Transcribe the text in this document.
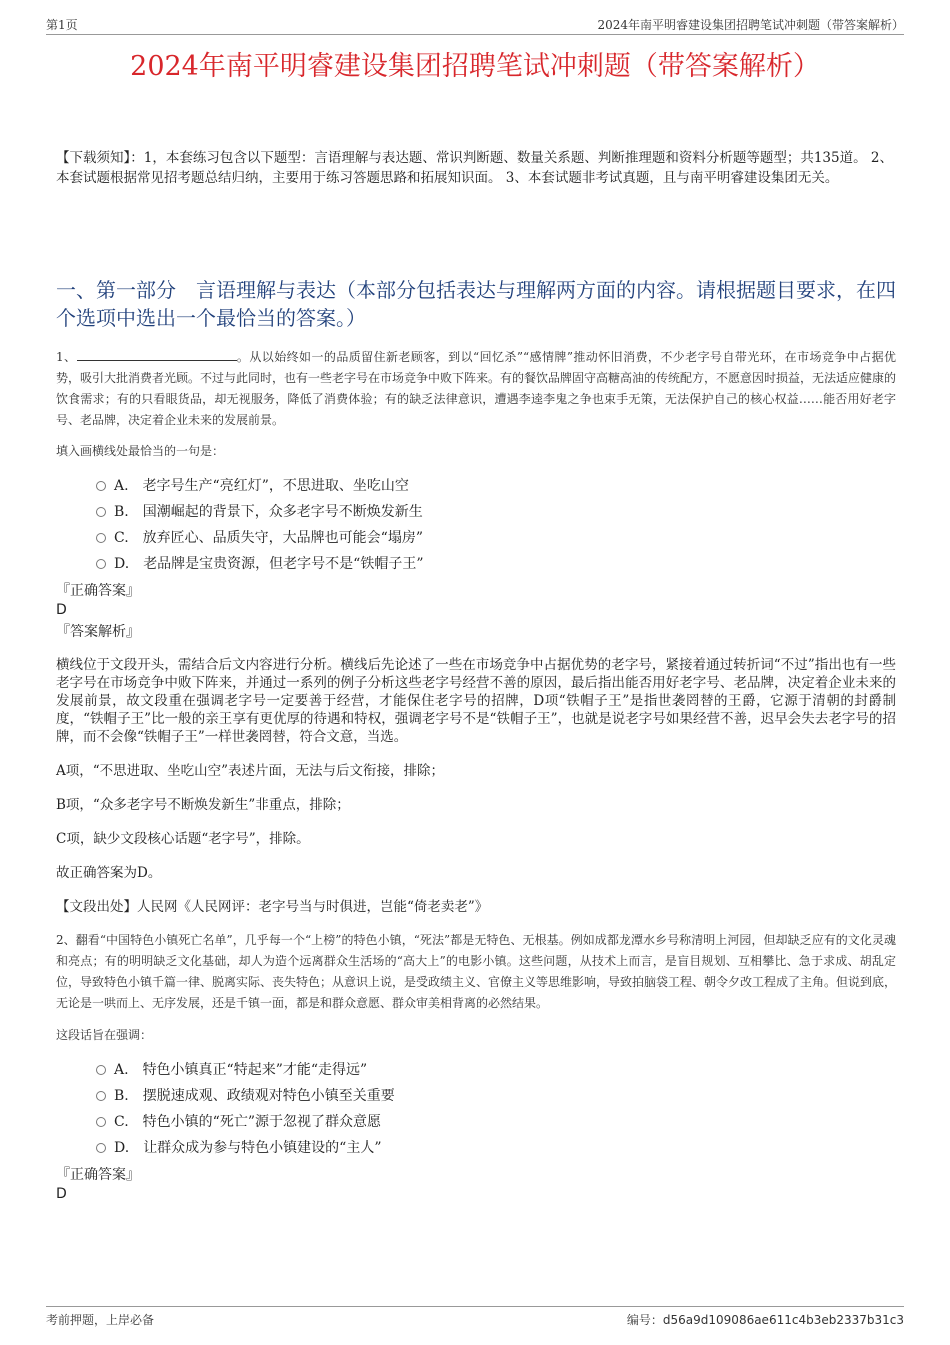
第1页	2024年南平明睿建设集团招聘笔试冲刺题（带答案解析）
2024年南平明睿建设集团招聘笔试冲刺题（带答案解析）
【下载须知】：1，本套练习包含以下题型：言语理解与表达题、常识判断题、数量关系题、判断推理题和资料分析题等题型；共135道。 2、本套试题根据常见招考题总结归纳，主要用于练习答题思路和拓展知识面。 3、本套试题非考试真题，且与南平明睿建设集团无关。
一、第一部分　言语理解与表达（本部分包括表达与理解两方面的内容。请根据题目要求，在四个选项中选出一个最恰当的答案。）
1、	。从以始终如一的品质留住新老顾客，到以“回忆杀”“感情牌”推动怀旧消费，不少老字号自带光环，在市场竞争中占据优势，吸引大批消费者光顾。不过与此同时，也有一些老字号在市场竞争中败下阵来。有的餐饮品牌固守高糖高油的传统配方，不愿意因时损益，无法适应健康的饮食需求；有的只看眼货品，却无视服务，降低了消费体验；有的缺乏法律意识，遭遇李逵李鬼之争也束手无策，无法保护自己的核心权益……能否用好老字号、老品牌，决定着企业未来的发展前景。
填入画横线处最恰当的一句是：
A. 老字号生产“亮红灯”，不思进取、坐吃山空
B. 国潮崛起的背景下，众多老字号不断焕发新生
C. 放弃匠心、品质失守，大品牌也可能会“塌房”
D. 老品牌是宝贵资源，但老字号不是“铁帽子王”
『正确答案』
D
『答案解析』

横线位于文段开头，需结合后文内容进行分析。横线后先论述了一些在市场竞争中占据优势的老字号，紧接着通过转折词“不过”指出也有一些老字号在市场竞争中败下阵来，并通过一系列的例子分析这些老字号经营不善的原因，最后指出能否用好老字号、老品牌，决定着企业未来的发展前景，故文段重在强调老字号一定要善于经营，才能保住老字号的招牌，D项“铁帽子王”是指世袭罔替的王爵，它源于清朝的封爵制度，“铁帽子王”比一般的亲王享有更优厚的待遇和特权，强调老字号不是“铁帽子王”，也就是说老字号如果经营不善，迟早会失去老字号的招牌，而不会像“铁帽子王”一样世袭罔替，符合文意，当选。

A项，“不思进取、坐吃山空”表述片面，无法与后文衔接，排除；

B项，“众多老字号不断焕发新生”非重点，排除；

C项，缺少文段核心话题“老字号”，排除。

故正确答案为D。

【文段出处】人民网《人民网评：老字号当与时俱进，岂能“倚老卖老”》

2、翻看“中国特色小镇死亡名单”，几乎每一个“上榜”的特色小镇，“死法”都是无特色、无根基。例如成都龙潭水乡号称清明上河园，但却缺乏应有的文化灵魂和亮点；有的明明缺乏文化基础，却人为造个远离群众生活场的“高大上”的电影小镇。这些问题，从技术上而言，是盲目规划、互相攀比、急于求成、胡乱定位，导致特色小镇千篇一律、脱离实际、丧失特色；从意识上说，是受政绩主义、官僚主义等思维影响，导致拍脑袋工程、朝令夕改工程成了主角。但说到底，无论是一哄而上、无序发展，还是千镇一面，都是和群众意愿、群众审美相背离的必然结果。
这段话旨在强调：
A. 特色小镇真正“特起来”才能“走得远”
B. 摆脱速成观、政绩观对特色小镇至关重要
C. 特色小镇的“死亡”源于忽视了群众意愿
D. 让群众成为参与特色小镇建设的“主人”
『正确答案』
D
考前押题，上岸必备	编号：d56a9d109086ae611c4b3eb2337b31c3
